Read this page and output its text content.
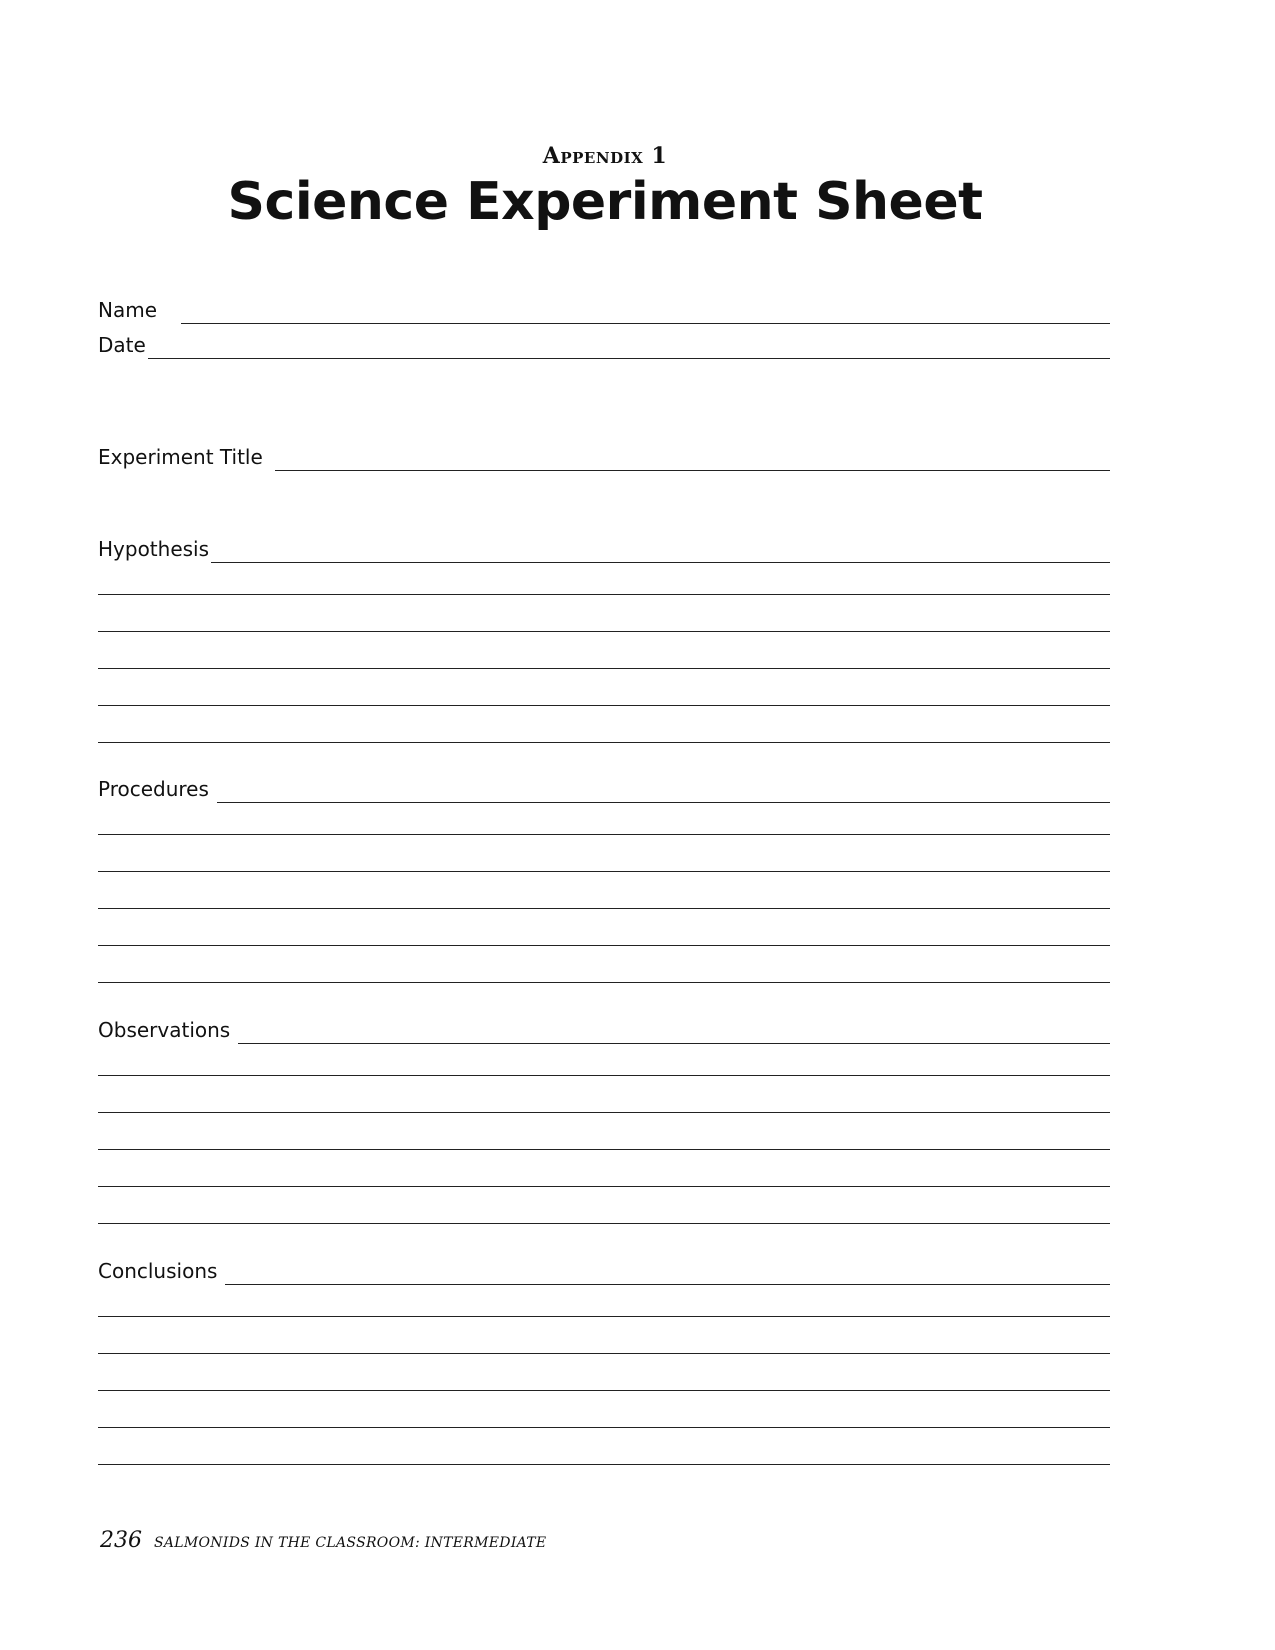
Appendix 1
Science Experiment Sheet
Name
Date
Experiment Title
Hypothesis
Procedures
Observations
Conclusions
236 SALMONIDS IN THE CLASSROOM: INTERMEDIATE
